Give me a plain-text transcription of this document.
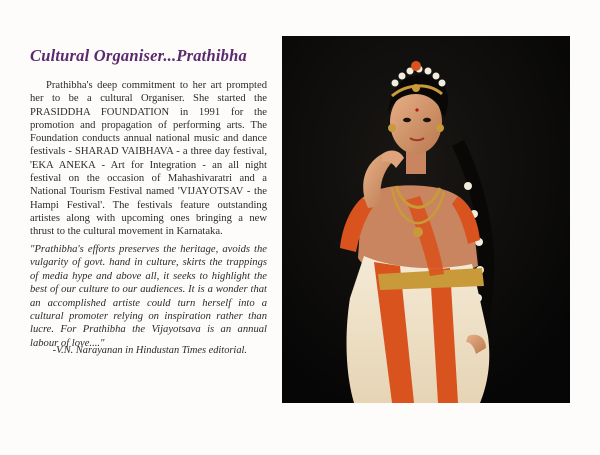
Cultural Organiser...Prathibha
Prathibha's deep commitment to her art prompted her to be a cultural Organiser. She started the PRASIDDHA FOUNDATION in 1991 for the promotion and propagation of performing arts. The Foundation conducts annual national music and dance festivals - SHARAD VAIBHAVA - a three day festival, 'EKA ANEKA - Art for Integration - an all night festival on the occasion of Mahashivaratri and a National Tourism Festival named 'VIJAYOTSAV - the Hampi Festival'. The festivals feature outstanding artistes along with upcoming ones bringing a new thrust to the cultural movement in Karnataka.
"Prathibha's efforts preserves the heritage, avoids the vulgarity of govt. hand in culture, skirts the trappings of media hype and above all, it seeks to highlight the best of our culture to our audiences. It is a wonder that an accomplished artiste could turn herself into a cultural promoter relying on inspiration rather than lucre. For Prathibha the Vijayotsava is an annual labour of love...."
-V.N. Narayanan in Hindustan Times editorial.
